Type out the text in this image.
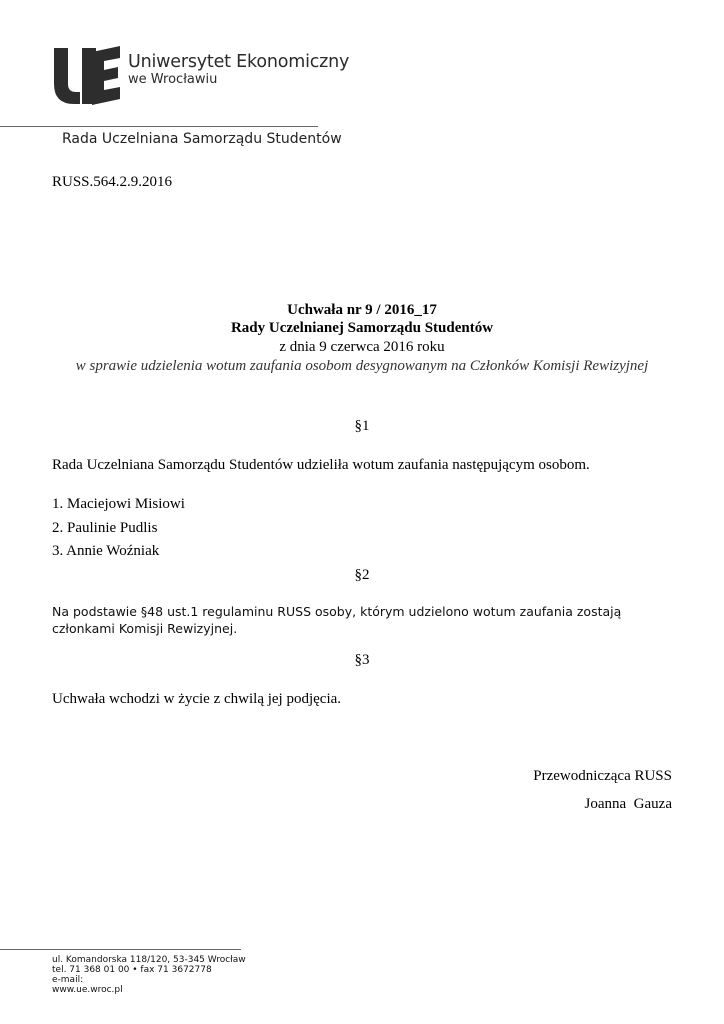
Uniwersytet Ekonomiczny
we Wrocławiu
Rada Uczelniana Samorządu Studentów
RUSS.564.2.9.2016
Uchwała nr 9 / 2016_17
Rady Uczelnianej Samorządu Studentów
z dnia 9 czerwca 2016 roku
w sprawie udzielenia wotum zaufania osobom desygnowanym na Członków Komisji Rewizyjnej
§1
Rada Uczelniana Samorządu Studentów udzieliła wotum zaufania następującym osobom.
1. Maciejowi Misiowi
2. Paulinie Pudlis
3. Annie Woźniak
§2
Na podstawie §48 ust.1 regulaminu RUSS osoby, którym udzielono wotum zaufania zostają członkami Komisji Rewizyjnej.
§3
Uchwała wchodzi w życie z chwilą jej podjęcia.
Przewodnicząca RUSS
Joanna  Gauza
ul. Komandorska 118/120, 53-345 Wrocław
tel. 71 368 01 00 • fax 71 3672778
e-mail:
www.ue.wroc.pl
